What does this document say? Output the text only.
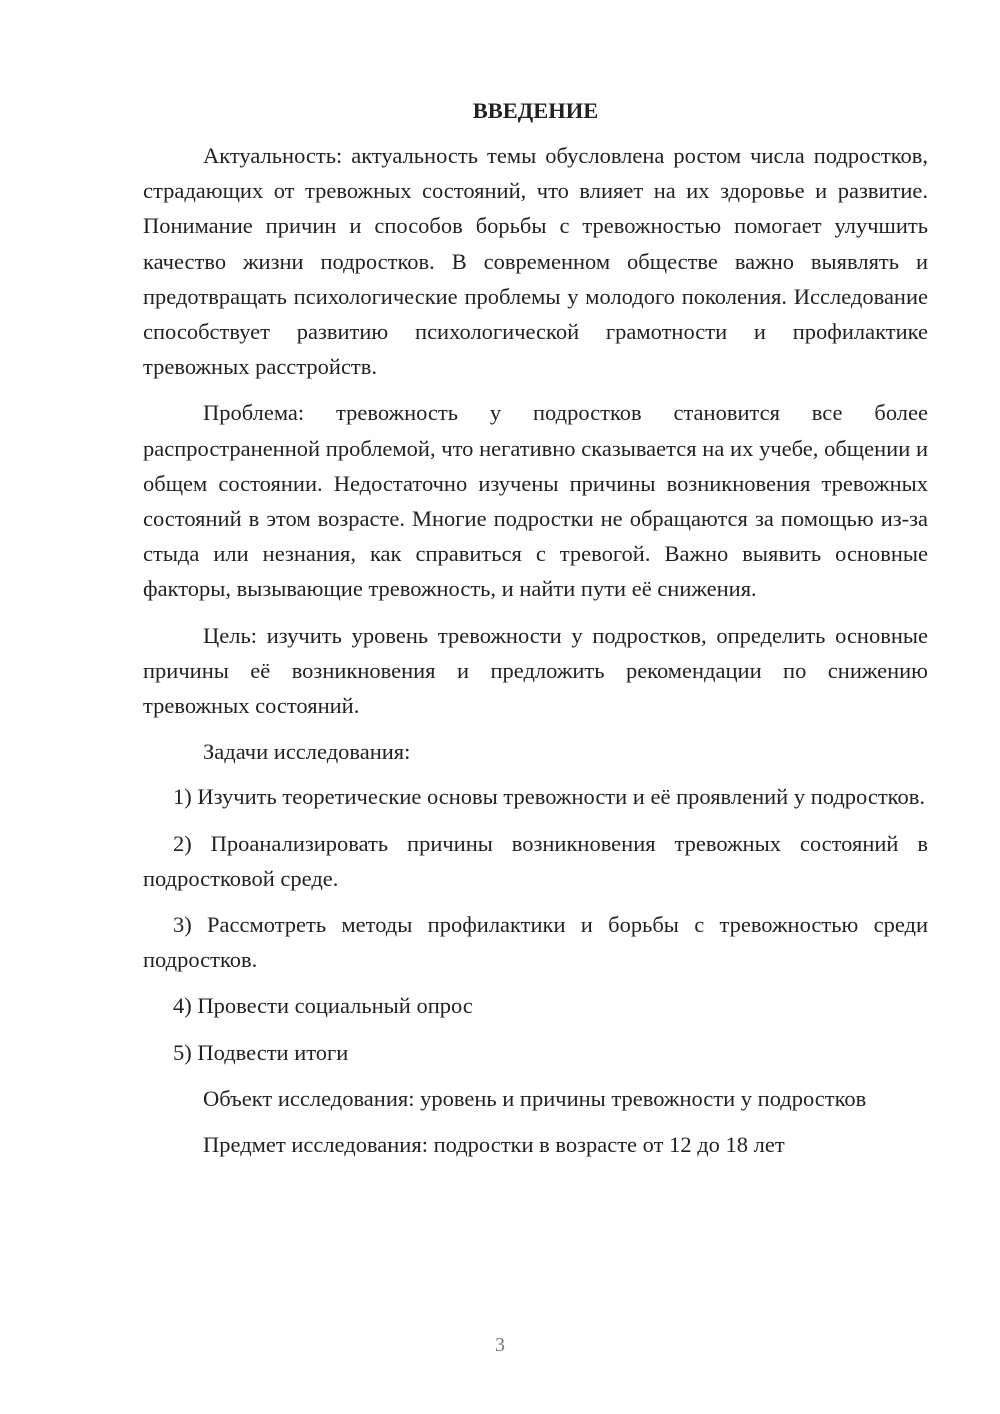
ВВЕДЕНИЕ

Актуальность: актуальность темы обусловлена ростом числа подростков, страдающих от тревожных состояний, что влияет на их здоровье и развитие. Понимание причин и способов борьбы с тревожностью помогает улучшить качество жизни подростков. В современном обществе важно выявлять и предотвращать психологические проблемы у молодого поколения. Исследование способствует развитию психологической грамотности и профилактике тревожных расстройств.

Проблема: тревожность у подростков становится все более распространенной проблемой, что негативно сказывается на их учебе, общении и общем состоянии. Недостаточно изучены причины возникновения тревожных состояний в этом возрасте. Многие подростки не обращаются за помощью из-за стыда или незнания, как справиться с тревогой. Важно выявить основные факторы, вызывающие тревожность, и найти пути её снижения.

Цель: изучить уровень тревожности у подростков, определить основные причины её возникновения и предложить рекомендации по снижению тревожных состояний.

Задачи исследования:

1) Изучить теоретические основы тревожности и её проявлений у подростков.

2) Проанализировать причины возникновения тревожных состояний в подростковой среде.

3) Рассмотреть методы профилактики и борьбы с тревожностью среди подростков.

4) Провести социальный опрос

5) Подвести итоги

Объект исследования: уровень и причины тревожности у подростков

Предмет исследования: подростки в возрасте от 12 до 18 лет

3
